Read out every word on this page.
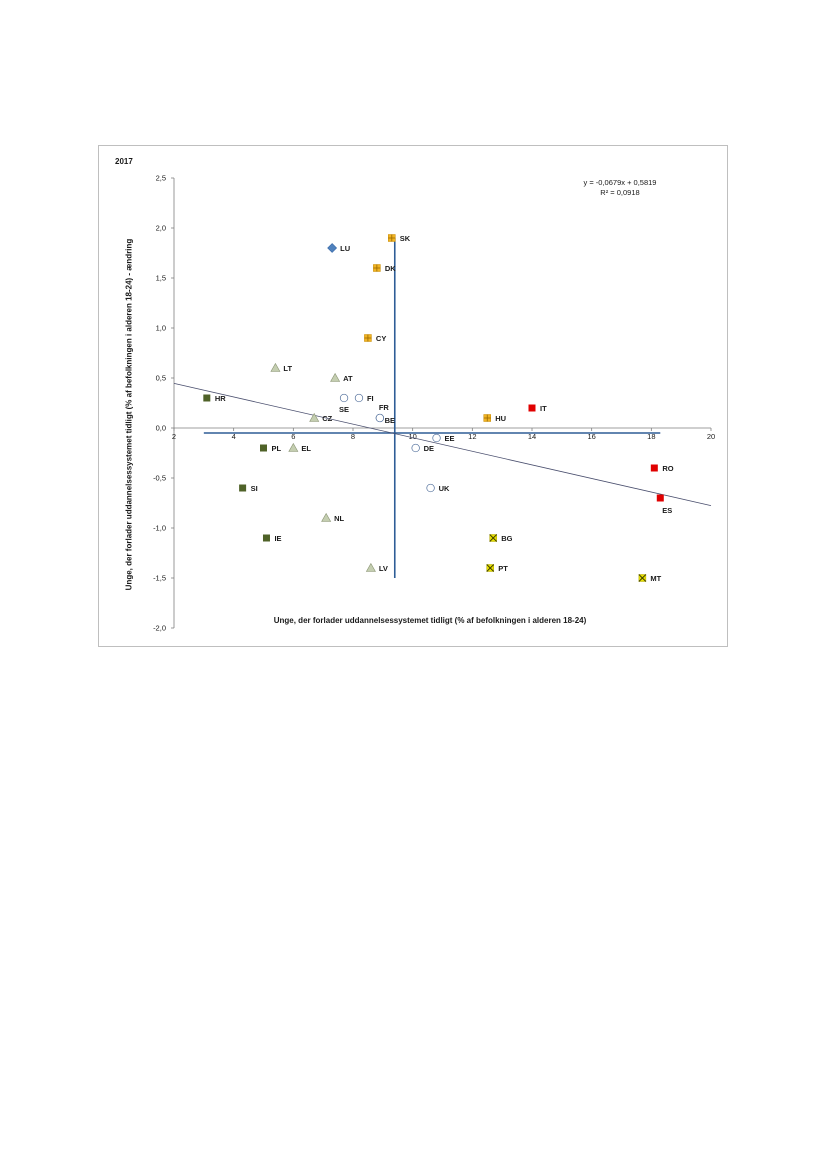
2017
y = -0,0679x + 0,5819
R² = 0,0918
Unge, der forlader uddannelsessystemet tidligt (% af befolkningen i alderen 18-24)
Unge, der forlader uddannelsessystemet tidligt (% af befolkningen i alderen 18-24) - ændring
2,5
2,0
1,5
1,0
0,5
0,0
-0,5
-1,0
-1,5
-2,0
2	4	6	8	10	12	14	16	18	20
LU
SK
DK
CY
HU
LT
AT
CZ
EL
NL
LV
FI
SE	FR
BE
EE
DE
UK
IT
RO
ES
HR
PL
SI
IE	BG
PT
MT
